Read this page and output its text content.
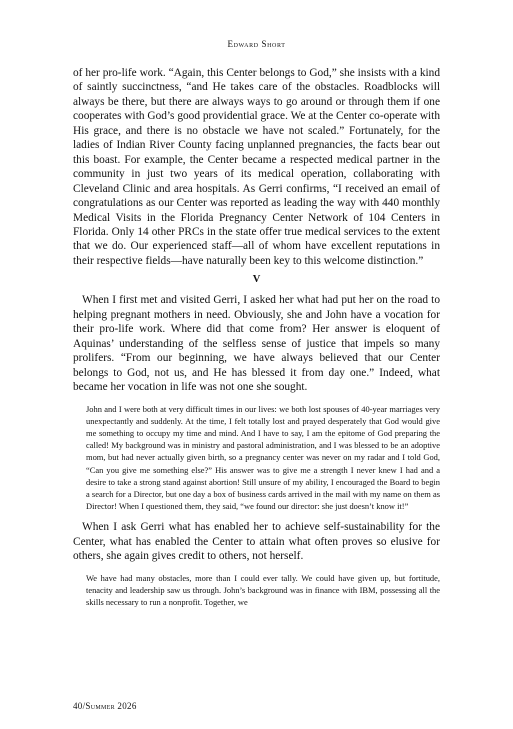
Edward Short

of her pro-life work. “Again, this Center belongs to God,” she insists with a kind of saintly succinctness, “and He takes care of the obstacles. Roadblocks will always be there, but there are always ways to go around or through them if one cooperates with God’s good providential grace. We at the Center co-operate with His grace, and there is no obstacle we have not scaled.” Fortunately, for the ladies of Indian River County facing unplanned pregnancies, the facts bear out this boast. For example, the Center became a respected medical partner in the community in just two years of its medical operation, collaborating with Cleveland Clinic and area hospitals. As Gerri confirms, “I received an email of congratulations as our Center was reported as leading the way with 440 monthly Medical Visits in the Florida Pregnancy Center Network of 104 Centers in Florida. Only 14 other PRCs in the state offer true medical services to the extent that we do. Our experienced staff—all of whom have excellent reputations in their respective fields—have naturally been key to this welcome distinction.”

V

When I first met and visited Gerri, I asked her what had put her on the road to helping pregnant mothers in need. Obviously, she and John have a vocation for their pro-life work. Where did that come from? Her answer is eloquent of Aquinas’ understanding of the selfless sense of justice that impels so many prolifers. “From our beginning, we have always believed that our Center belongs to God, not us, and He has blessed it from day one.” Indeed, what became her vocation in life was not one she sought.

John and I were both at very difficult times in our lives: we both lost spouses of 40-year marriages very unexpectantly and suddenly. At the time, I felt totally lost and prayed desperately that God would give me something to occupy my time and mind. And I have to say, I am the epitome of God preparing the called! My background was in ministry and pastoral administration, and I was blessed to be an adoptive mom, but had never actually given birth, so a pregnancy center was never on my radar and I told God, “Can you give me something else?” His answer was to give me a strength I never knew I had and a desire to take a strong stand against abortion! Still unsure of my ability, I encouraged the Board to begin a search for a Director, but one day a box of business cards arrived in the mail with my name on them as Director! When I questioned them, they said, “we found our director: she just doesn’t know it!”

When I ask Gerri what has enabled her to achieve self-sustainability for the Center, what has enabled the Center to attain what often proves so elusive for others, she again gives credit to others, not herself.

We have had many obstacles, more than I could ever tally. We could have given up, but fortitude, tenacity and leadership saw us through. John’s background was in finance with IBM, possessing all the skills necessary to run a nonprofit. Together, we

40/Summer 2026
